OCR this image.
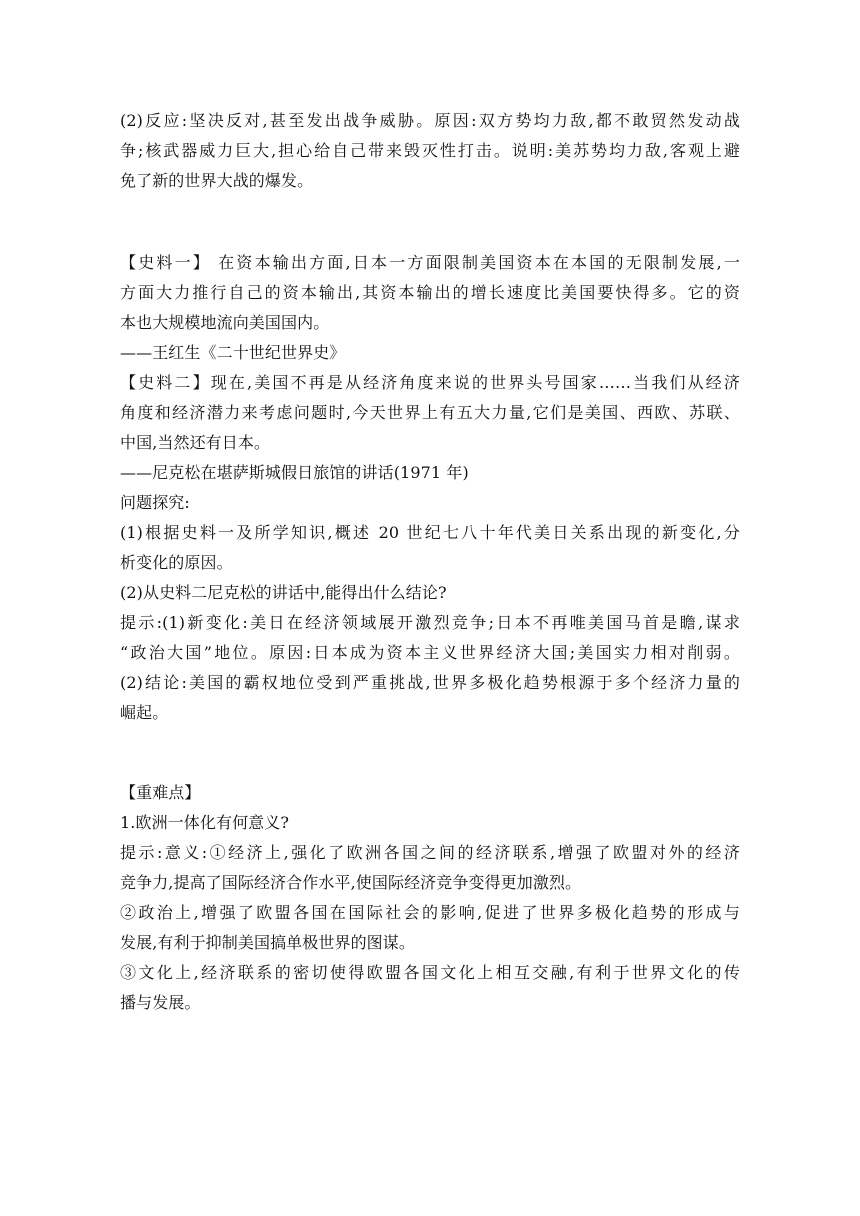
(2)反应:坚决反对,甚至发出战争威胁。原因:双方势均力敌,都不敢贸然发动战
争;核武器威力巨大,担心给自己带来毁灭性打击。说明:美苏势均力敌,客观上避
免了新的世界大战的爆发。
【史料一】 在资本输出方面,日本一方面限制美国资本在本国的无限制发展,一
方面大力推行自己的资本输出,其资本输出的增长速度比美国要快得多。它的资
本也大规模地流向美国国内。
——王红生《二十世纪世界史》
【史料二】现在,美国不再是从经济角度来说的世界头号国家……当我们从经济
角度和经济潜力来考虑问题时,今天世界上有五大力量,它们是美国、西欧、苏联、
中国,当然还有日本。
——尼克松在堪萨斯城假日旅馆的讲话(1971 年)
问题探究:
(1)根据史料一及所学知识,概述 20 世纪七八十年代美日关系出现的新变化,分
析变化的原因。
(2)从史料二尼克松的讲话中,能得出什么结论?
提示:(1)新变化:美日在经济领域展开激烈竞争;日本不再唯美国马首是瞻,谋求
“政治大国”地位。原因:日本成为资本主义世界经济大国;美国实力相对削弱。
(2)结论:美国的霸权地位受到严重挑战,世界多极化趋势根源于多个经济力量的
崛起。
【重难点】
1.欧洲一体化有何意义?
提示:意义:①经济上,强化了欧洲各国之间的经济联系,增强了欧盟对外的经济
竞争力,提高了国际经济合作水平,使国际经济竞争变得更加激烈。
②政治上,增强了欧盟各国在国际社会的影响,促进了世界多极化趋势的形成与
发展,有利于抑制美国搞单极世界的图谋。
③文化上,经济联系的密切使得欧盟各国文化上相互交融,有利于世界文化的传
播与发展。
